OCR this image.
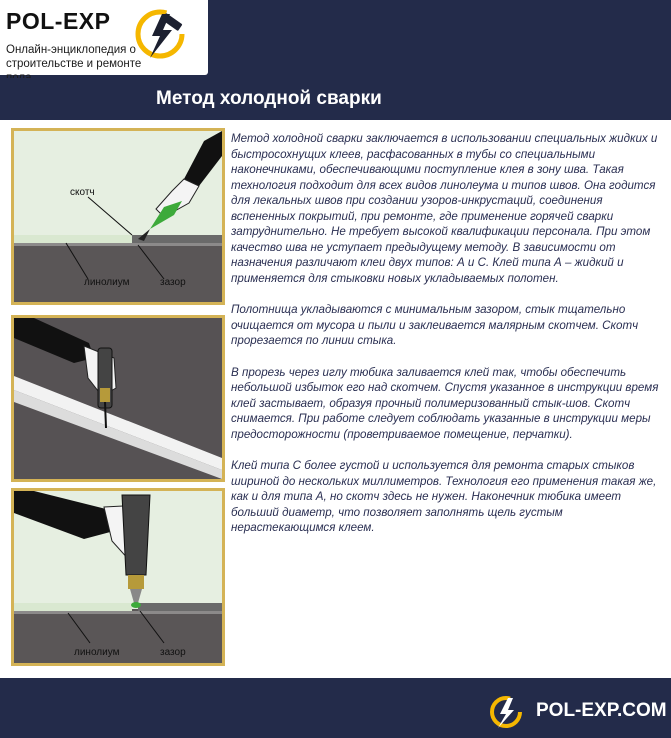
POL-EXP
Онлайн-энциклопедия о строительстве и ремонте
Метод холодной сварки
скотч
линолиум	зазор
линолиум	зазор

Метод холодной сварки заключается в использовании специальных жидких и быстросохнущих клеев, расфасованных в тубы со специальными наконечниками, обеспечивающими поступление клея в зону шва. Такая технология подходит для всех видов линолеума и типов швов. Она годится для лекальных швов при создании узоров-инкрустаций, соединения вспененных покрытий, при ремонте, где применение горячей сварки затруднительно. Не требует высокой квалификации персонала. При этом качество шва не уступает предыдущему методу. В зависимости от назначения различают клеи двух типов: А и С. Клей типа А – жидкий и применяется для стыковки новых укладываемых полотен.

Полотнища укладываются с минимальным зазором, стык тщательно очищается от мусора и пыли и заклеивается малярным скотчем. Скотч прорезается по линии стыка.

В прорезь через иглу тюбика заливается клей так, чтобы обеспечить небольшой избыток его над скотчем. Спустя указанное в инструкции время клей застывает, образуя прочный полимеризованный стык-шов. Скотч снимается. При работе следует соблюдать указанные в инструкции меры предосторожности (проветриваемое помещение, перчатки).

Клей типа С более густой и используется для ремонта старых стыков шириной до нескольких миллиметров. Технология его применения такая же, как и для типа А, но скотч здесь не нужен. Наконечник тюбика имеет больший диаметр, что позволяет заполнять щель густым нерастекающимся клеем.

POL-EXP.COM
